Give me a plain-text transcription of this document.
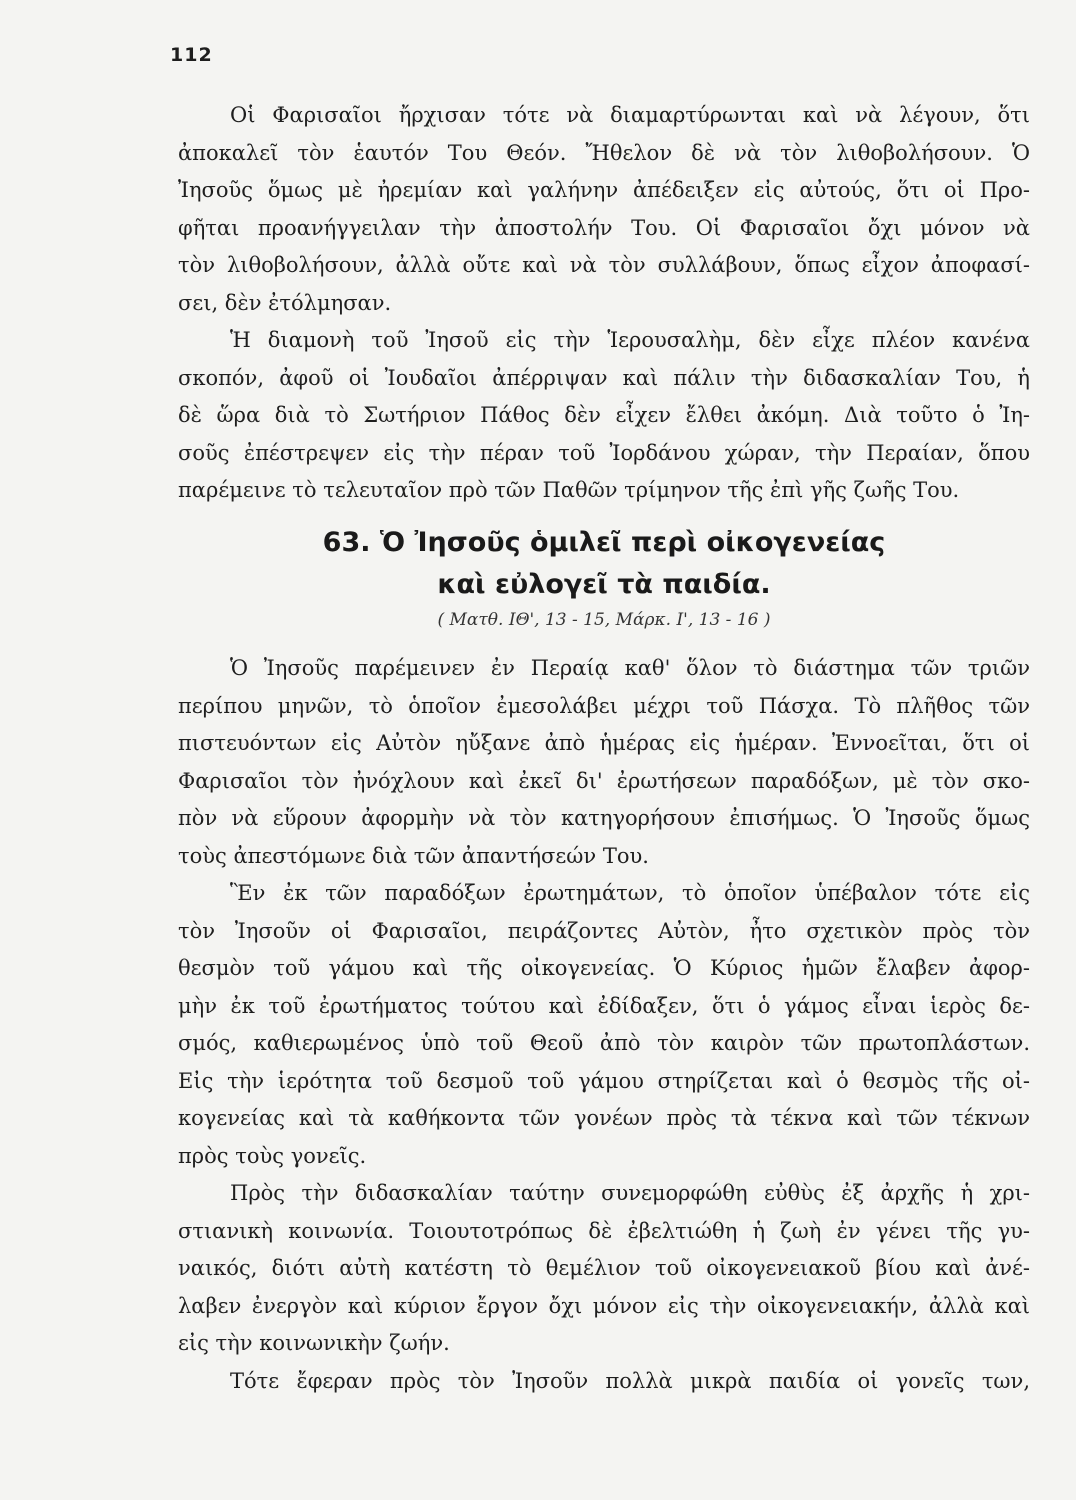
112
Οἱ Φαρισαῖοι ἤρχισαν τότε νὰ διαμαρτύρωνται καὶ νὰ λέγουν, ὅτι
ἀποκαλεῖ τὸν ἑαυτόν Του Θεόν. Ἤθελον δὲ νὰ τὸν λιθοβολήσουν. Ὁ
Ἰησοῦς ὅμως μὲ ἠρεμίαν καὶ γαλήνην ἀπέδειξεν εἰς αὐτούς, ὅτι οἱ Προ-
φῆται προανήγγειλαν τὴν ἀποστολήν Του. Οἱ Φαρισαῖοι ὄχι μόνον νὰ
τὸν λιθοβολήσουν, ἀλλὰ οὔτε καὶ νὰ τὸν συλλάβουν, ὅπως εἶχον ἀποφασί-
σει, δὲν ἐτόλμησαν.
Ἡ διαμονὴ τοῦ Ἰησοῦ εἰς τὴν Ἱερουσαλὴμ, δὲν εἶχε πλέον κανένα
σκοπόν, ἀφοῦ οἱ Ἰουδαῖοι ἀπέρριψαν καὶ πάλιν τὴν διδασκαλίαν Του, ἡ
δὲ ὥρα διὰ τὸ Σωτήριον Πάθος δὲν εἶχεν ἔλθει ἀκόμη. Διὰ τοῦτο ὁ Ἰη-
σοῦς ἐπέστρεψεν εἰς τὴν πέραν τοῦ Ἰορδάνου χώραν, τὴν Περαίαν, ὅπου
παρέμεινε τὸ τελευταῖον πρὸ τῶν Παθῶν τρίμηνον τῆς ἐπὶ γῆς ζωῆς Του.
63. Ὁ Ἰησοῦς ὁμιλεῖ περὶ οἰκογενείας
καὶ εὐλογεῖ τὰ παιδία.
( Ματθ. ΙΘ', 13 - 15, Μάρκ. Ι', 13 - 16 )
Ὁ Ἰησοῦς παρέμεινεν ἐν Περαίᾳ καθ' ὅλον τὸ διάστημα τῶν τριῶν
περίπου μηνῶν, τὸ ὁποῖον ἐμεσολάβει μέχρι τοῦ Πάσχα. Τὸ πλῆθος τῶν
πιστευόντων εἰς Αὐτὸν ηὔξανε ἀπὸ ἡμέρας εἰς ἡμέραν. Ἐννοεῖται, ὅτι οἱ
Φαρισαῖοι τὸν ἠνόχλουν καὶ ἐκεῖ δι' ἐρωτήσεων παραδόξων, μὲ τὸν σκο-
πὸν νὰ εὕρουν ἀφορμὴν νὰ τὸν κατηγορήσουν ἐπισήμως. Ὁ Ἰησοῦς ὅμως
τοὺς ἀπεστόμωνε διὰ τῶν ἀπαντήσεών Του.
Ἓν ἐκ τῶν παραδόξων ἐρωτημάτων, τὸ ὁποῖον ὑπέβαλον τότε εἰς
τὸν Ἰησοῦν οἱ Φαρισαῖοι, πειράζοντες Αὐτὸν, ἦτο σχετικὸν πρὸς τὸν
θεσμὸν τοῦ γάμου καὶ τῆς οἰκογενείας. Ὁ Κύριος ἡμῶν ἔλαβεν ἀφορ-
μὴν ἐκ τοῦ ἐρωτήματος τούτου καὶ ἐδίδαξεν, ὅτι ὁ γάμος εἶναι ἱερὸς δε-
σμός, καθιερωμένος ὑπὸ τοῦ Θεοῦ ἀπὸ τὸν καιρὸν τῶν πρωτοπλάστων.
Εἰς τὴν ἱερότητα τοῦ δεσμοῦ τοῦ γάμου στηρίζεται καὶ ὁ θεσμὸς τῆς οἰ-
κογενείας καὶ τὰ καθήκοντα τῶν γονέων πρὸς τὰ τέκνα καὶ τῶν τέκνων
πρὸς τοὺς γονεῖς.
Πρὸς τὴν διδασκαλίαν ταύτην συνεμορφώθη εὐθὺς ἐξ ἀρχῆς ἡ χρι-
στιανικὴ κοινωνία. Τοιουτοτρόπως δὲ ἐβελτιώθη ἡ ζωὴ ἐν γένει τῆς γυ-
ναικός, διότι αὐτὴ κατέστη τὸ θεμέλιον τοῦ οἰκογενειακοῦ βίου καὶ ἀνέ-
λαβεν ἐνεργὸν καὶ κύριον ἔργον ὄχι μόνον εἰς τὴν οἰκογενειακήν, ἀλλὰ καὶ
εἰς τὴν κοινωνικὴν ζωήν.
Τότε ἔφεραν πρὸς τὸν Ἰησοῦν πολλὰ μικρὰ παιδία οἱ γονεῖς των,
